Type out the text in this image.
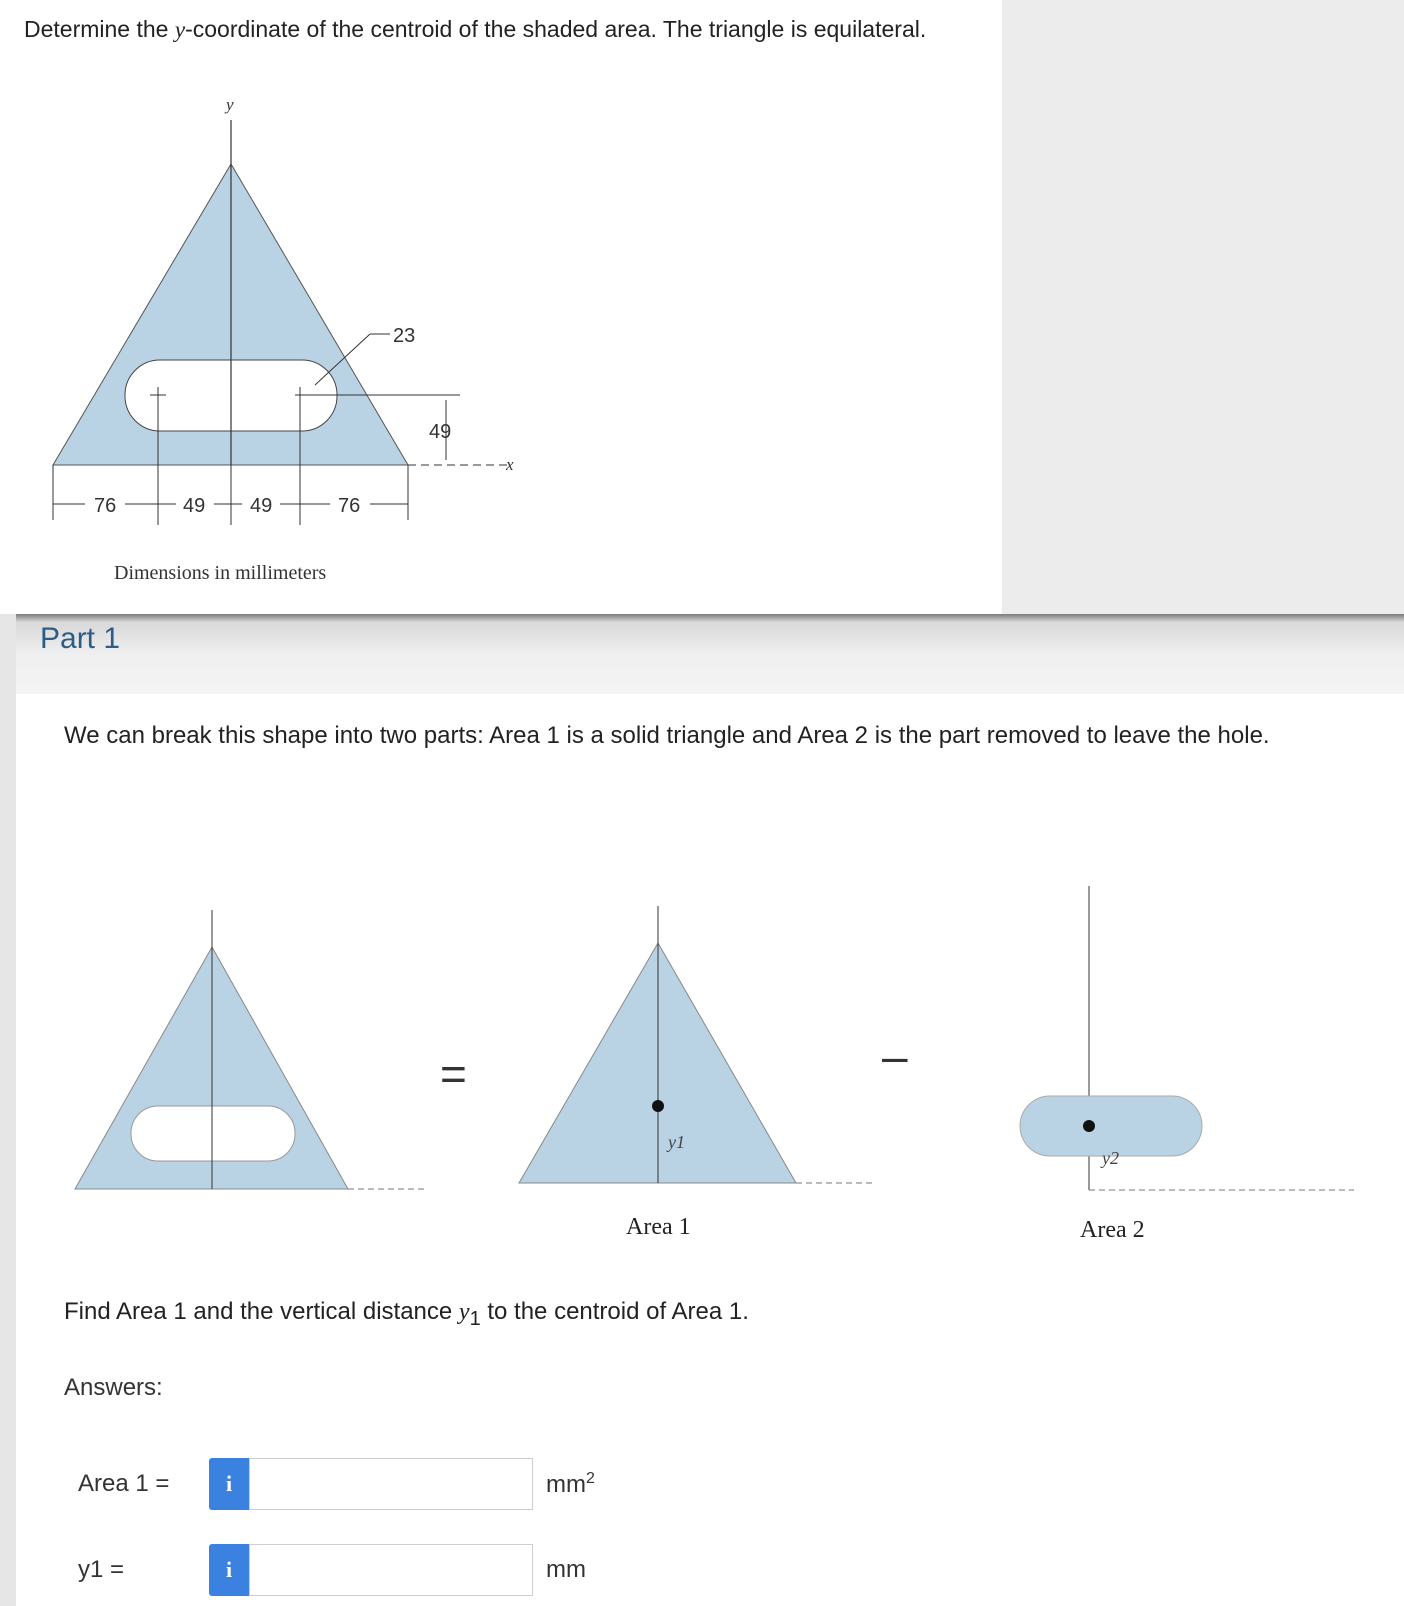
Determine the y-coordinate of the centroid of the shaded area. The triangle is equilateral.
y
23
49
x
76	49 49	76
Dimensions in millimeters
Part 1
We can break this shape into two parts: Area 1 is a solid triangle and Area 2 is the part removed to leave the hole.
=
y1
Area 1
–
y2
Area 2
Find Area 1 and the vertical distance $y_1$ to the centroid of Area 1.
Answers:
Area 1 =	i	$mm^2$
y1 =	i	mm
